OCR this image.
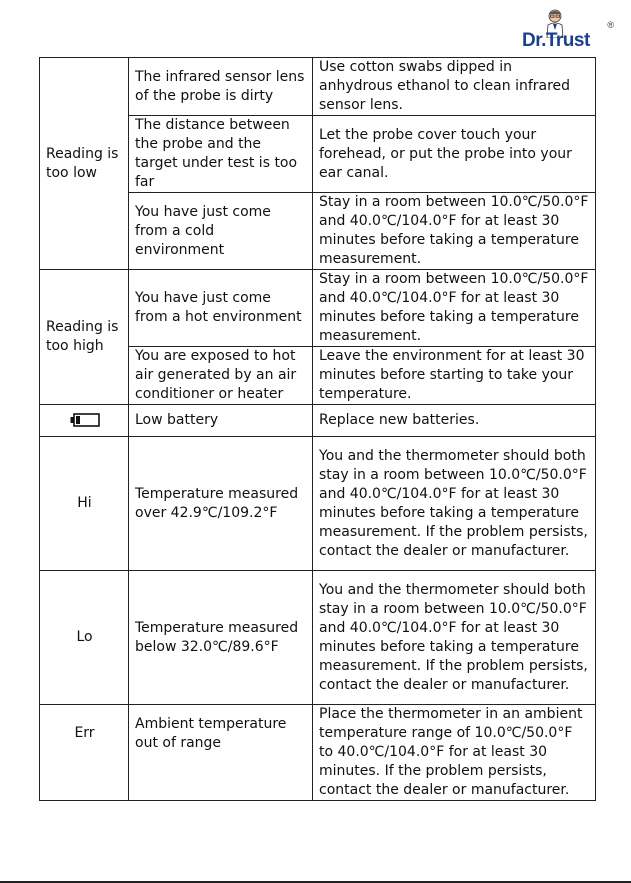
Dr.Trust
®
Reading is too low	The infrared sensor lens of the probe is dirty	Use cotton swabs dipped in anhydrous ethanol to clean infrared sensor lens.
	The distance between the probe and the target under test is too far	Let the probe cover touch your forehead, or put the probe into your ear canal.
	You have just come from a cold environment	Stay in a room between 10.0℃/50.0°F and 40.0℃/104.0°F for at least 30 minutes before taking a temperature measurement.
Reading is too high	You have just come from a hot environment	Stay in a room between 10.0℃/50.0°F and 40.0℃/104.0°F for at least 30 minutes before taking a temperature measurement.
	You are exposed to hot air generated by an air conditioner or heater	Leave the environment for at least 30 minutes before starting to take your temperature.
	Low battery	Replace new batteries.
Hi	Temperature measured over 42.9℃/109.2°F	You and the thermometer should both stay in a room between 10.0℃/50.0°F and 40.0℃/104.0°F for at least 30 minutes before taking a temperature measurement. If the problem persists, contact the dealer or manufacturer.
Lo	Temperature measured below 32.0℃/89.6°F	You and the thermometer should both stay in a room between 10.0℃/50.0°F and 40.0℃/104.0°F for at least 30 minutes before taking a temperature measurement. If the problem persists, contact the dealer or manufacturer.
Err	Ambient temperature out of range	Place the thermometer in an ambient temperature range of 10.0℃/50.0°F to 40.0℃/104.0°F for at least 30 minutes. If the problem persists, contact the dealer or manufacturer.
